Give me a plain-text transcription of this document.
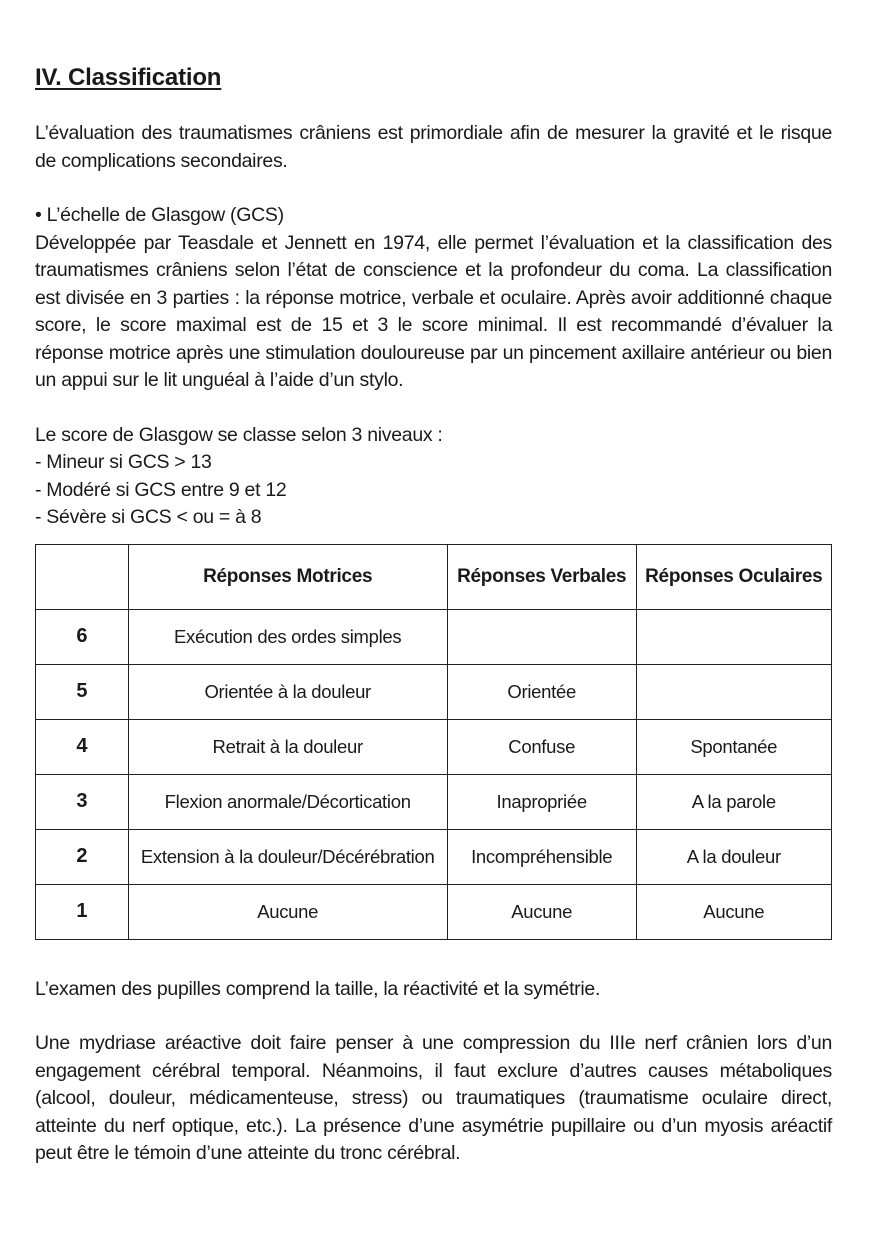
IV. Classification

L’évaluation des traumatismes crâniens est primordiale afin de mesurer la gravité et le risque de complications secondaires.

• L’échelle de Glasgow (GCS)

Développée par Teasdale et Jennett en 1974, elle permet l’évaluation et la classification des traumatismes crâniens selon l’état de conscience et la profondeur du coma. La classification est divisée en 3 parties : la réponse motrice, verbale et oculaire. Après avoir additionné chaque score, le score maximal est de 15 et 3 le score minimal. Il est recommandé d’évaluer la réponse motrice après une stimulation douloureuse par un pincement axillaire antérieur ou bien un appui sur le lit unguéal à l’aide d’un stylo.

Le score de Glasgow se classe selon 3 niveaux :

- Mineur si GCS > 13

- Modéré si GCS entre 9 et 12

- Sévère si GCS < ou = à 8

	Réponses Motrices	Réponses Verbales	Réponses Oculaires
6	Exécution des ordes simples		
5	Orientée à la douleur	Orientée	
4	Retrait à la douleur	Confuse	Spontanée
3	Flexion anormale/Décortication	Inapropriée	A la parole
2	Extension à la douleur/Décérébration	Incompréhensible	A la douleur
1	Aucune	Aucune	Aucune

L’examen des pupilles comprend la taille, la réactivité et la symétrie.

Une mydriase aréactive doit faire penser à une compression du IIIe nerf crânien lors d’un engagement cérébral temporal. Néanmoins, il faut exclure d’autres causes métaboliques (alcool, douleur, médicamenteuse, stress) ou traumatiques (traumatisme oculaire direct, atteinte du nerf optique, etc.). La présence d’une asymétrie pupillaire ou d’un myosis aréactif peut être le témoin d’une atteinte du tronc cérébral.
